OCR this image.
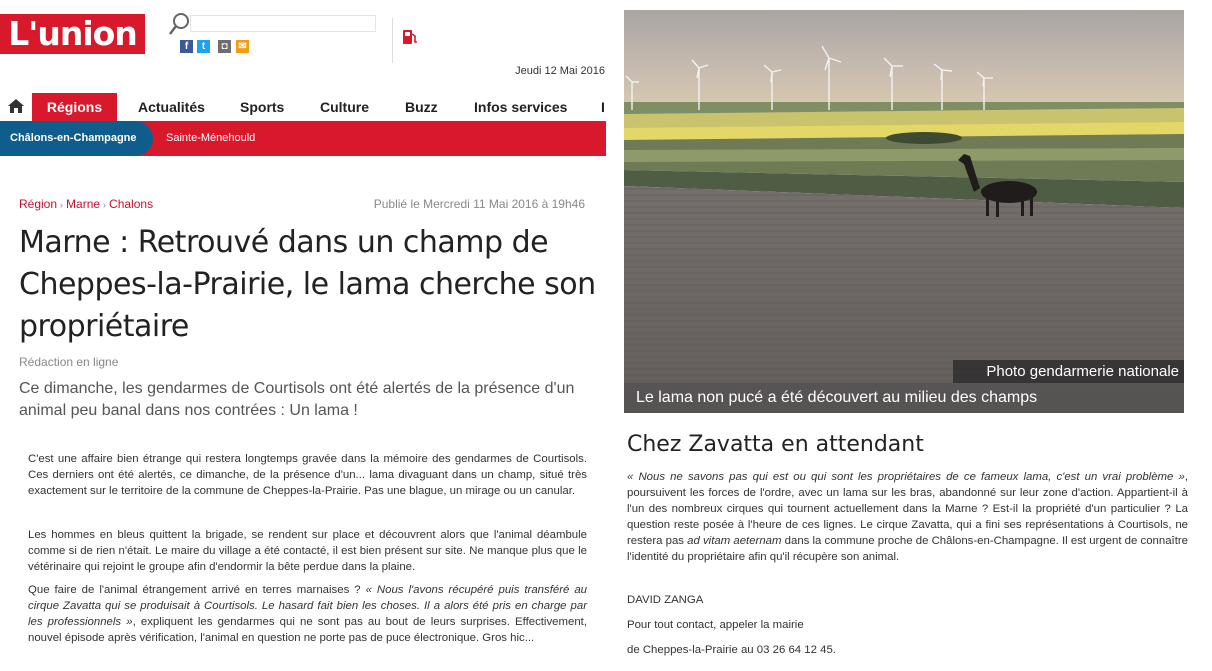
L'union	f	t	◘	✉
Jeudi 12 Mai 2016
Régions	Actualités	Sports	Culture	Buzz	Infos services I
Châlons-en-Champagne	Sainte-Ménehould
Région › Marne › Chalons	Publié le Mercredi 11 Mai 2016 à 19h46
Marne : Retrouvé dans un champ de Cheppes-la-Prairie, le lama cherche son propriétaire
Rédaction en ligne
Ce dimanche, les gendarmes de Courtisols ont été alertés de la présence d'un animal peu banal dans nos contrées : Un lama !
C'est une affaire bien étrange qui restera longtemps gravée dans la mémoire des gendarmes de Courtisols. Ces derniers ont été alertés, ce dimanche, de la présence d'un... lama divaguant dans un champ, situé très exactement sur le territoire de la commune de Cheppes-la-Prairie. Pas une blague, un mirage ou un canular.
Les hommes en bleus quittent la brigade, se rendent sur place et découvrent alors que l'animal déambule comme si de rien n'était. Le maire du village a été contacté, il est bien présent sur site. Ne manque plus que le vétérinaire qui rejoint le groupe afin d'endormir la bête perdue dans la plaine.
Que faire de l'animal étrangement arrivé en terres marnaises ? « Nous l'avons récupéré puis transféré au cirque Zavatta qui se produisait à Courtisols. Le hasard fait bien les choses. Il a alors été pris en charge par les professionnels », expliquent les gendarmes qui ne sont pas au bout de leurs surprises. Effectivement, nouvel épisode après vérification, l'animal en question ne porte pas de puce électronique. Gros hic...
Photo gendarmerie nationale
Le lama non pucé a été découvert au milieu des champs
Chez Zavatta en attendant
« Nous ne savons pas qui est ou qui sont les propriétaires de ce fameux lama, c'est un vrai problème », poursuivent les forces de l'ordre, avec un lama sur les bras, abandonné sur leur zone d'action. Appartient-il à l'un des nombreux cirques qui tournent actuellement dans la Marne ? Est-il la propriété d'un particulier ? La question reste posée à l'heure de ces lignes. Le cirque Zavatta, qui a fini ses représentations à Courtisols, ne restera pas ad vitam aeternam dans la commune proche de Châlons-en-Champagne. Il est urgent de connaître l'identité du propriétaire afin qu'il récupère son animal.
DAVID ZANGA
Pour tout contact, appeler la mairie
de Cheppes-la-Prairie au 03 26 64 12 45.
